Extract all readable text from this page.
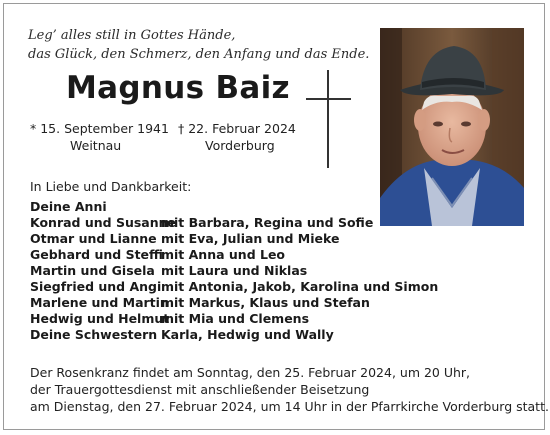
Leg’ alles still in Gottes Hände,
das Glück, den Schmerz, den Anfang und das Ende.
Magnus Baiz
* 15. September 1941
Weitnau
† 22. Februar 2024
Vorderburg
In Liebe und Dankbarkeit:
Deine Anni
Konrad und Susannemit Barbara, Regina und Sofie
Otmar und Lianne mit Eva, Julian und Mieke
Gebhard und Steffimit Anna und Leo
Martin und Gisela mit Laura und Niklas
Siegfried und Angimit Antonia, Jakob, Karolina und Simon
Marlene und Martinmit Markus, Klaus und Stefan
Hedwig und Helmutmit Mia und Clemens
Deine Schwestern Karla, Hedwig und Wally
Der Rosenkranz findet am Sonntag, den 25. Februar 2024, um 20 Uhr,
der Trauergottesdienst mit anschließender Beisetzung
am Dienstag, den 27. Februar 2024, um 14 Uhr in der Pfarrkirche Vorderburg statt.
